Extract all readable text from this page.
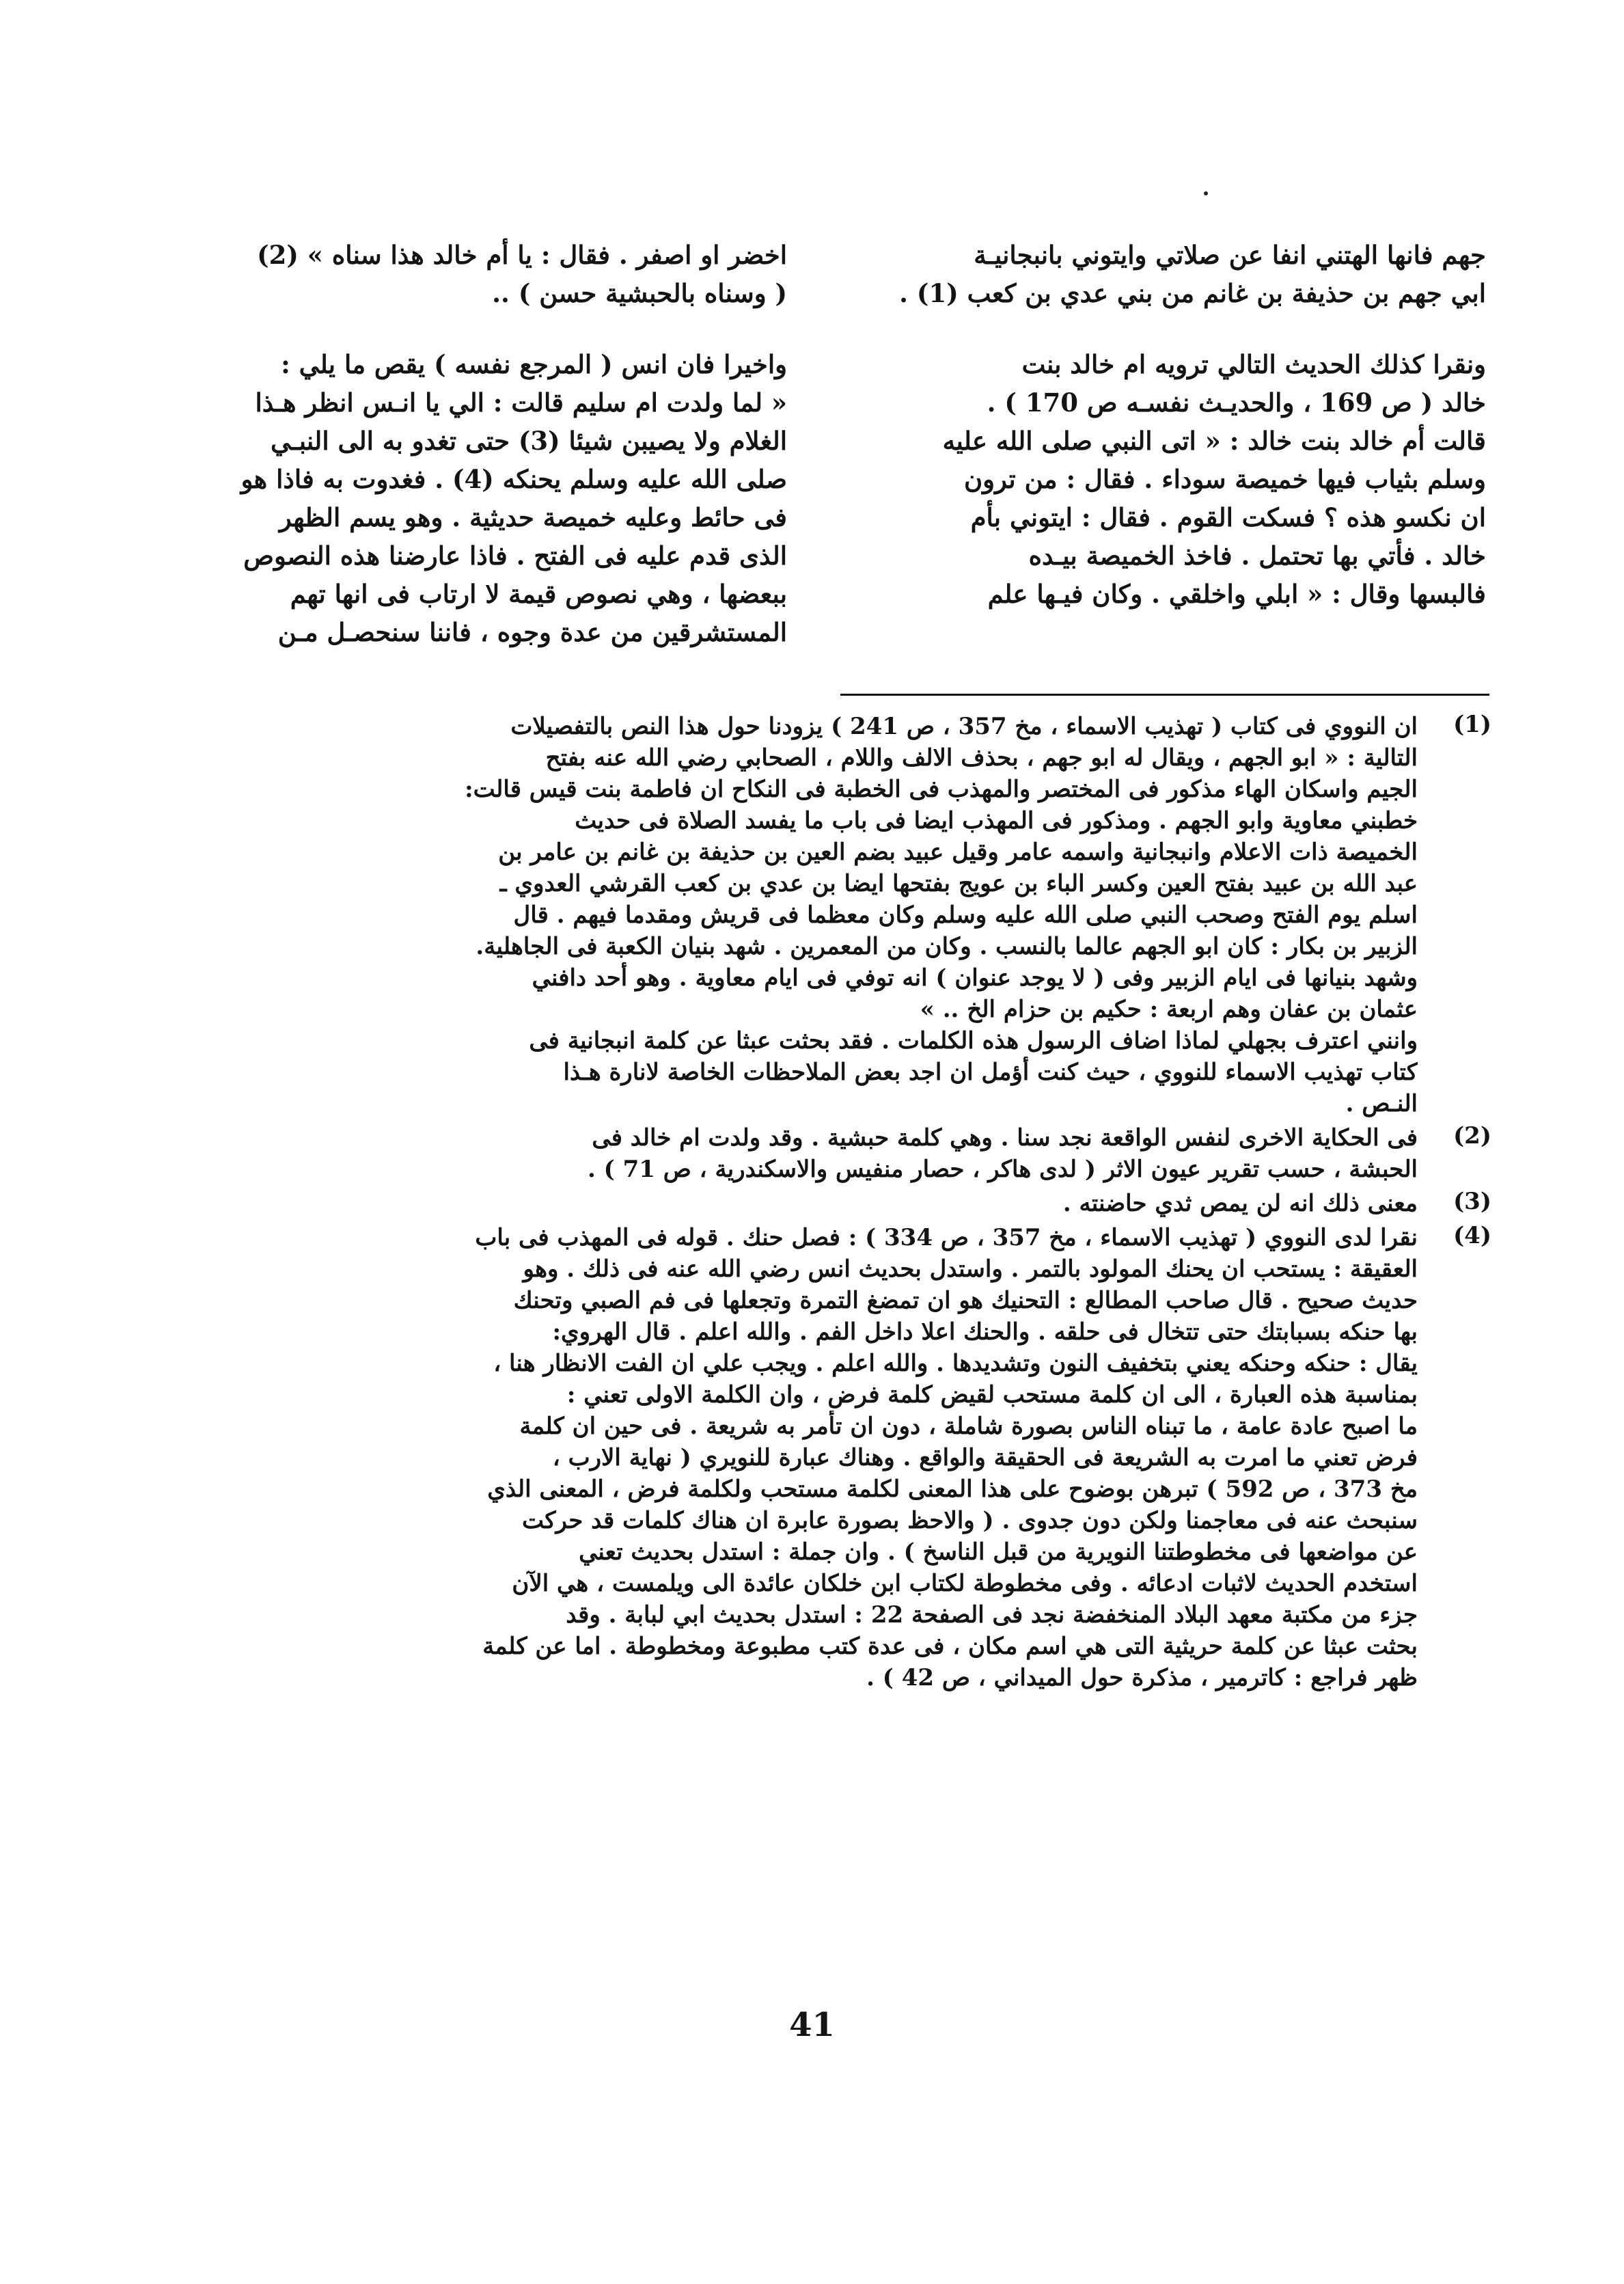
جهم فانها الهتني انفا عن صلاتي وايتوني بانبجانيـة
ابي جهم بن حذيفة بن غانم من بني عدي بن كعب (1) .
ونقرا كذلك الحديث التالي ترويه ام خالد بنت
خالد ( ص 169 ، والحديـث نفسـه ص 170 ) .
قالت أم خالد بنت خالد : « اتى النبي صلى الله عليه
وسلم بثياب فيها خميصة سوداء . فقال : من ترون
ان نكسو هذه ؟ فسكت القوم . فقال : ايتوني بأم
خالد . فأتي بها تحتمل . فاخذ الخميصة بيـده
فالبسها وقال : « ابلي واخلقي . وكان فيـها علم
اخضر او اصفر . فقال : يا أم خالد هذا سناه » (2)
( وسناه بالحبشية حسن ) ..
واخيرا فان انس ( المرجع نفسه ) يقص ما يلي :
« لما ولدت ام سليم قالت : الي يا انـس انظر هـذا
الغلام ولا يصيبن شيئا (3) حتى تغدو به الى النبـي
صلى الله عليه وسلم يحنكه (4) . فغدوت به فاذا هو
فى حائط وعليه خميصة حديثية . وهو يسم الظهر
الذى قدم عليه فى الفتح . فاذا عارضنا هذه النصوص
ببعضها ، وهي نصوص قيمة لا ارتاب فى انها تهم
المستشرقين من عدة وجوه ، فاننا سنحصـل مـن
(1)
ان النووي فى كتاب ( تهذيب الاسماء ، مخ 357 ، ص 241 ) يزودنا حول هذا النص بالتفصيلات
التالية : « ابو الجهم ، ويقال له ابو جهم ، بحذف الالف واللام ، الصحابي رضي الله عنه بفتح
الجيم واسكان الهاء مذكور فى المختصر والمهذب فى الخطبة فى النكاح ان فاطمة بنت قيس قالت:
خطبني معاوية وابو الجهم . ومذكور فى المهذب ايضا فى باب ما يفسد الصلاة فى حديث
الخميصة ذات الاعلام وانبجانية واسمه عامر وقيل عبيد بضم العين بن حذيفة بن غانم بن عامر بن
عبد الله بن عبيد بفتح العين وكسر الباء بن عويج بفتحها ايضا بن عدي بن كعب القرشي العدوي ـ
اسلم يوم الفتح وصحب النبي صلى الله عليه وسلم وكان معظما فى قريش ومقدما فيهم . قال
الزبير بن بكار : كان ابو الجهم عالما بالنسب . وكان من المعمرين . شهد بنيان الكعبة فى الجاهلية.
وشهد بنيانها فى ايام الزبير وفى ( لا يوجد عنوان ) انه توفي فى ايام معاوية . وهو أحد دافني
عثمان بن عفان وهم اربعة : حكيم بن حزام الخ .. »
وانني اعترف بجهلي لماذا اضاف الرسول هذه الكلمات . فقد بحثت عبثا عن كلمة انبجانية فى
كتاب تهذيب الاسماء للنووي ، حيث كنت أؤمل ان اجد بعض الملاحظات الخاصة لانارة هـذا
النـص .
(2)
فى الحكاية الاخرى لنفس الواقعة نجد سنا . وهي كلمة حبشية . وقد ولدت ام خالد فى
الحبشة ، حسب تقرير عيون الاثر ( لدى هاكر ، حصار منفيس والاسكندرية ، ص 71 ) .
(3)
معنى ذلك انه لن يمص ثدي حاضنته .
(4)
نقرا لدى النووي ( تهذيب الاسماء ، مخ 357 ، ص 334 ) : فصل حنك . قوله فى المهذب فى باب
العقيقة : يستحب ان يحنك المولود بالتمر . واستدل بحديث انس رضي الله عنه فى ذلك . وهو
حديث صحيح . قال صاحب المطالع : التحنيك هو ان تمضغ التمرة وتجعلها فى فم الصبي وتحنك
بها حنكه بسبابتك حتى تتخال فى حلقه . والحنك اعلا داخل الفم . والله اعلم . قال الهروي:
يقال : حنكه وحنكه يعني بتخفيف النون وتشديدها . والله اعلم . ويجب علي ان الفت الانظار هنا ،
بمناسبة هذه العبارة ، الى ان كلمة مستحب لقيض كلمة فرض ، وان الكلمة الاولى تعني :
ما اصبح عادة عامة ، ما تبناه الناس بصورة شاملة ، دون ان تأمر به شريعة . فى حين ان كلمة
فرض تعني ما امرت به الشريعة فى الحقيقة والواقع . وهناك عبارة للنويري ( نهاية الارب ،
مخ 373 ، ص 592 ) تبرهن بوضوح على هذا المعنى لكلمة مستحب ولكلمة فرض ، المعنى الذي
سنبحث عنه فى معاجمنا ولكن دون جدوى . ( والاحظ بصورة عابرة ان هناك كلمات قد حركت
عن مواضعها فى مخطوطتنا النويرية من قبل الناسخ ) . وان جملة : استدل بحديث تعني
استخدم الحديث لاثبات ادعائه . وفى مخطوطة لكتاب ابن خلكان عائدة الى ويلمست ، هي الآن
جزء من مكتبة معهد البلاد المنخفضة نجد فى الصفحة 22 : استدل بحديث ابي لبابة . وقد
بحثت عبثا عن كلمة حريثية التى هي اسم مكان ، فى عدة كتب مطبوعة ومخطوطة . اما عن كلمة
ظهر فراجع : كاترمير ، مذكرة حول الميداني ، ص 42 ) .
41
